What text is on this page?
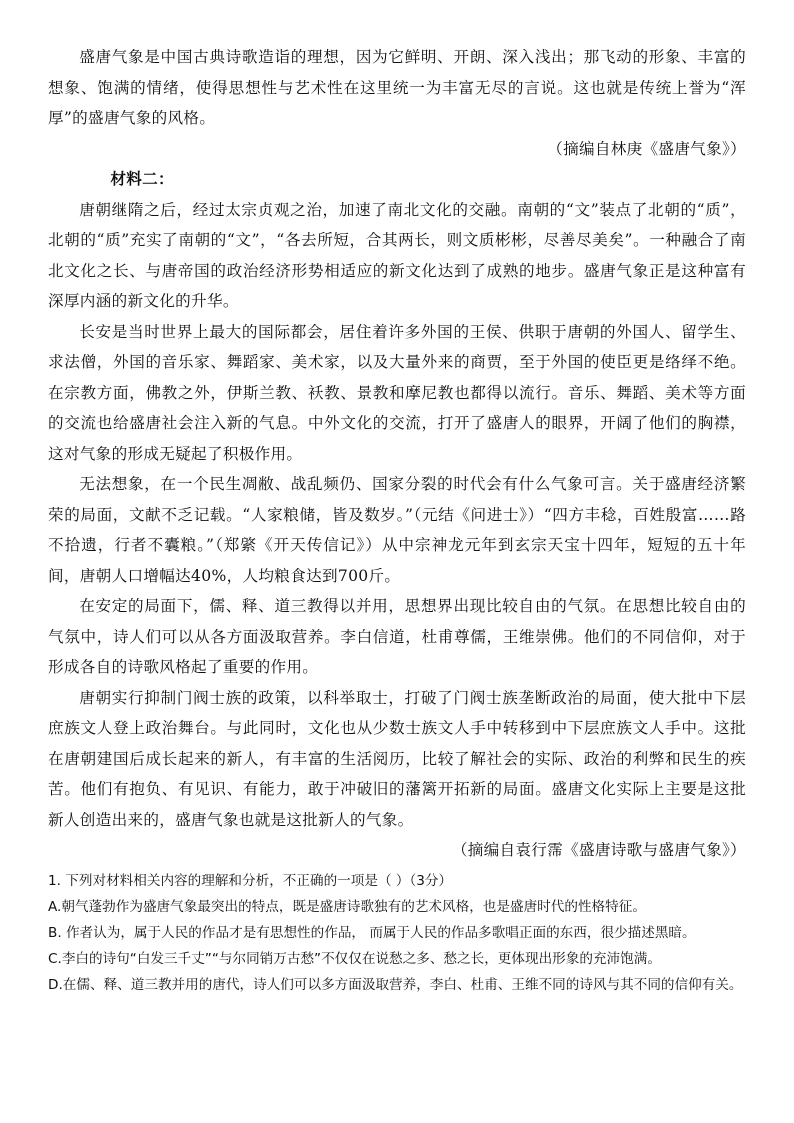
盛唐气象是中国古典诗歌造诣的理想，因为它鲜明、开朗、深入浅出；那飞动的形象、丰富的想象、饱满的情绪，使得思想性与艺术性在这里统一为丰富无尽的言说。这也就是传统上誉为“浑厚”的盛唐气象的风格。

（摘编自林庚《盛唐气象》）

材料二：

唐朝继隋之后，经过太宗贞观之治，加速了南北文化的交融。南朝的“文”装点了北朝的“质”，北朝的“质”充实了南朝的“文”，“各去所短，合其两长，则文质彬彬，尽善尽美矣”。一种融合了南北文化之长、与唐帝国的政治经济形势相适应的新文化达到了成熟的地步。盛唐气象正是这种富有深厚内涵的新文化的升华。

长安是当时世界上最大的国际都会，居住着许多外国的王侯、供职于唐朝的外国人、留学生、求法僧，外国的音乐家、舞蹈家、美术家，以及大量外来的商贾，至于外国的使臣更是络绎不绝。在宗教方面，佛教之外，伊斯兰教、袄教、景教和摩尼教也都得以流行。音乐、舞蹈、美术等方面的交流也给盛唐社会注入新的气息。中外文化的交流，打开了盛唐人的眼界，开阔了他们的胸襟，这对气象的形成无疑起了积极作用。

无法想象，在一个民生凋敝、战乱频仍、国家分裂的时代会有什么气象可言。关于盛唐经济繁荣的局面，文献不乏记载。“人家粮储，皆及数岁。”（元结《问进士》）“四方丰稔，百姓殷富……路不拾遗，行者不囊粮。”（郑綮《开天传信记》）从中宗神龙元年到玄宗天宝十四年，短短的五十年间，唐朝人口增幅达40%，人均粮食达到700斤。

在安定的局面下，儒、释、道三教得以并用，思想界出现比较自由的气氛。在思想比较自由的气氛中，诗人们可以从各方面汲取营养。李白信道，杜甫尊儒，王维崇佛。他们的不同信仰，对于形成各自的诗歌风格起了重要的作用。

唐朝实行抑制门阀士族的政策，以科举取士，打破了门阀士族垄断政治的局面，使大批中下层庶族文人登上政治舞台。与此同时，文化也从少数士族文人手中转移到中下层庶族文人手中。这批在唐朝建国后成长起来的新人，有丰富的生活阅历，比较了解社会的实际、政治的利弊和民生的疾苦。他们有抱负、有见识、有能力，敢于冲破旧的藩篱开拓新的局面。盛唐文化实际上主要是这批新人创造出来的，盛唐气象也就是这批新人的气象。

（摘编自袁行霈《盛唐诗歌与盛唐气象》）

1. 下列对材料相关内容的理解和分析，不正确的一项是（ ）（3分）

A.朝气蓬勃作为盛唐气象最突出的特点，既是盛唐诗歌独有的艺术风格，也是盛唐时代的性格特征。

B. 作者认为，属于人民的作品才是有思想性的作品， 而属于人民的作品多歌唱正面的东西，很少描述黑暗。

C.李白的诗句“白发三千丈”“与尔同销万古愁”不仅仅在说愁之多、愁之长，更体现出形象的充沛饱满。

D.在儒、释、道三教并用的唐代，诗人们可以多方面汲取营养，李白、杜甫、王维不同的诗风与其不同的信仰有关。
